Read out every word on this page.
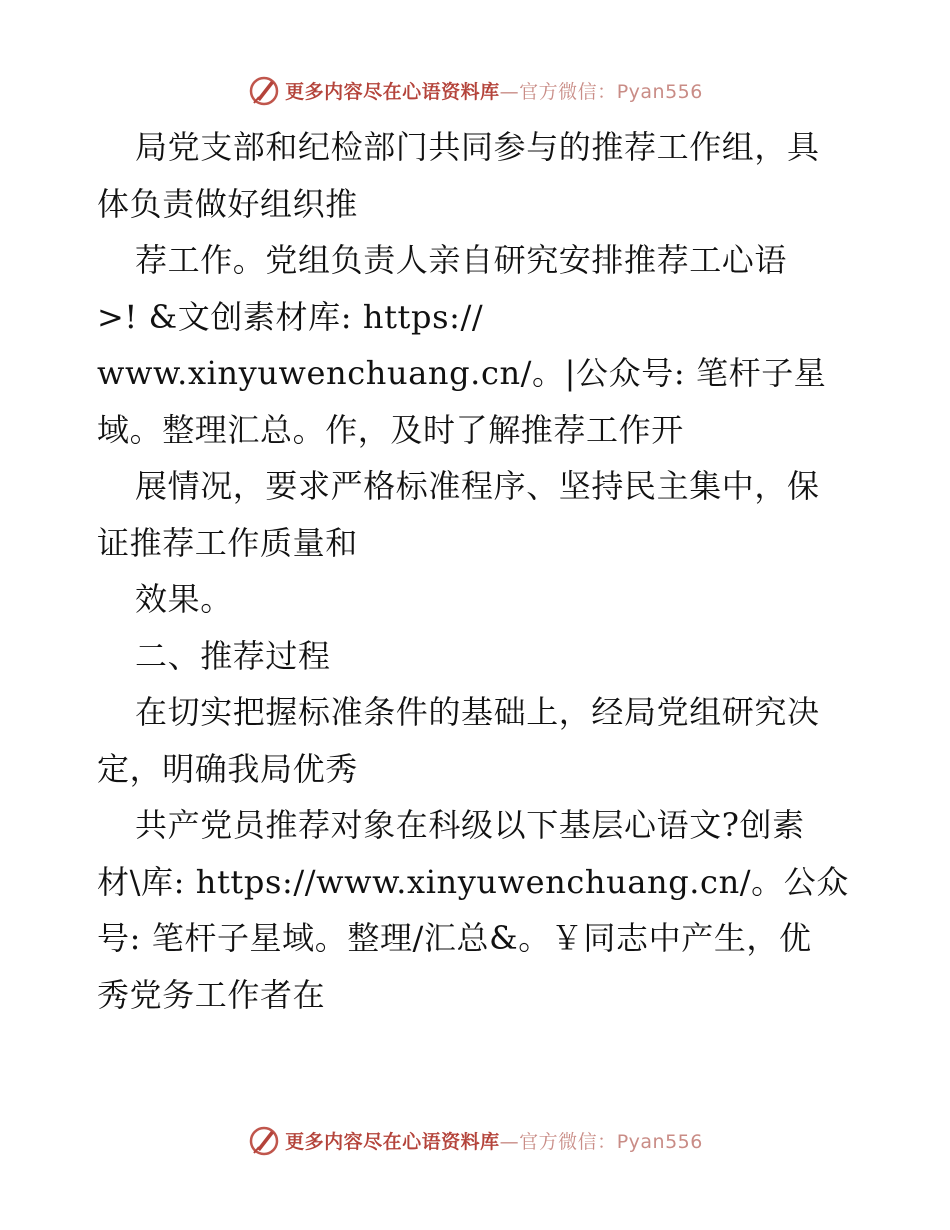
更多内容尽在心语资料库—官方微信：Pyan556
局党支部和纪检部门共同参与的推荐工作组，具
体负责做好组织推
荐工作。党组负责人亲自研究安排推荐工心语
>! &文创素材库: https://
www.xinyuwenchuang.cn/。|公众号: 笔杆子星
域。整理汇总。作，及时了解推荐工作开
展情况，要求严格标准程序、坚持民主集中，保
证推荐工作质量和
效果。
二、推荐过程
在切实把握标准条件的基础上，经局党组研究决
定，明确我局优秀
共产党员推荐对象在科级以下基层心语文?创素
材\库: https://www.xinyuwenchuang.cn/。公众
号: 笔杆子星域。整理/汇总&。￥同志中产生，优
秀党务工作者在
更多内容尽在心语资料库—官方微信：Pyan556
